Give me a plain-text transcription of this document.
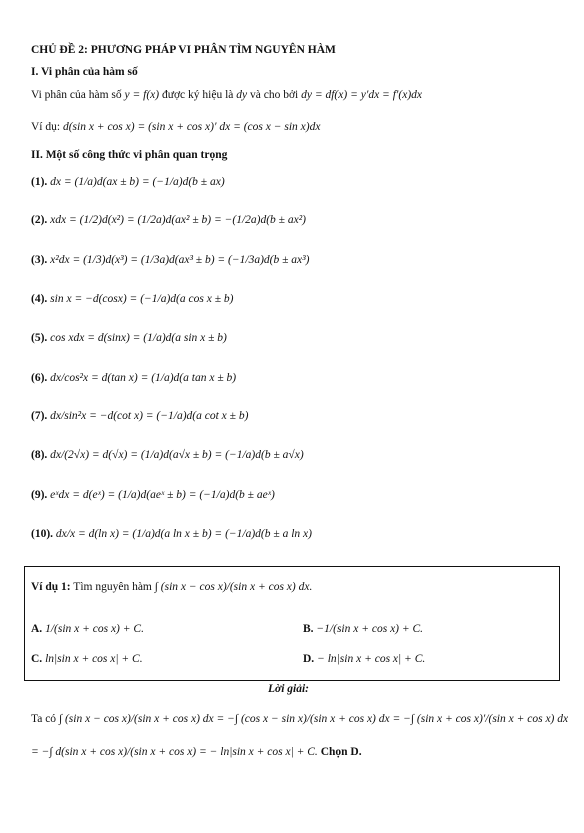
CHỦ ĐỀ 2: PHƯƠNG PHÁP VI PHÂN TÌM NGUYÊN HÀM
I. Vi phân của hàm số
Vi phân của hàm số y = f(x) được ký hiệu là dy và cho bởi dy = df(x) = y′dx = f′(x)dx
Ví dụ: d(sin x + cos x) = (sin x + cos x)′ dx = (cos x − sin x)dx
II. Một số công thức vi phân quan trọng
(1). dx = (1/a)d(ax ± b) = (−1/a)d(b ± ax)
(2). xdx = (1/2)d(x²) = (1/2a)d(ax² ± b) = −(1/2a)d(b ± ax²)
(3). x²dx = (1/3)d(x³) = (1/3a)d(ax³ ± b) = (−1/3a)d(b ± ax³)
(4). sin x = −d(cosx) = (−1/a)d(a cos x ± b)
(5). cos xdx = d(sinx) = (1/a)d(a sin x ± b)
(6). dx/cos²x = d(tan x) = (1/a)d(a tan x ± b)
(7). dx/sin²x = −d(cot x) = (−1/a)d(a cot x ± b)
(8). dx/(2√x) = d(√x) = (1/a)d(a√x ± b) = (−1/a)d(b ± a√x)
(9). eˣdx = d(eˣ) = (1/a)d(aeˣ ± b) = (−1/a)d(b ± aeˣ)
(10). dx/x = d(ln x) = (1/a)d(a ln x ± b) = (−1/a)d(b ± a ln x)
Ví dụ 1: Tìm nguyên hàm ∫ (sin x − cos x)/(sin x + cos x) dx.
A. 1/(sin x + cos x) + C.	B. −1/(sin x + cos x) + C.
C. ln|sin x + cos x| + C.	D. − ln|sin x + cos x| + C.
Lời giải:
Ta có ∫ (sin x − cos x)/(sin x + cos x) dx = −∫ (cos x − sin x)/(sin x + cos x) dx = −∫ (sin x + cos x)′/(sin x + cos x) dx
= −∫ d(sin x + cos x)/(sin x + cos x) = − ln|sin x + cos x| + C. Chọn D.
